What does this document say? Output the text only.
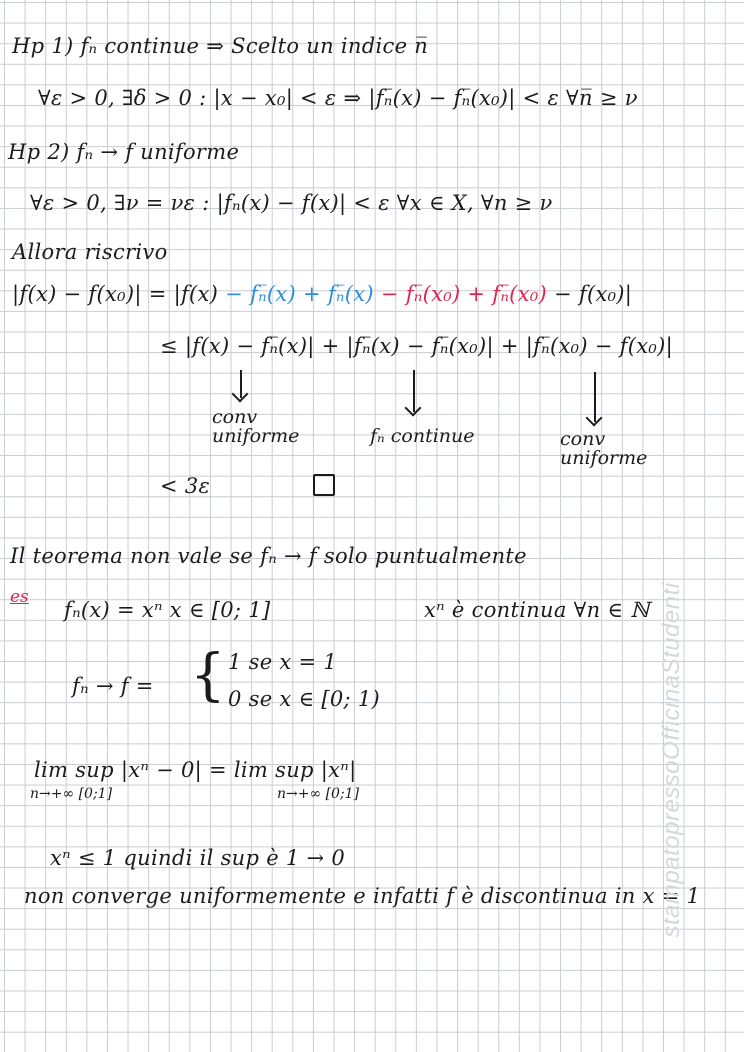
Hp 1) fₙ continue ⇒ Scelto un indice n̅
∀ε > 0, ∃δ > 0 : |x − x₀| < ε ⇒ |fₙ̅(x) − fₙ̅(x₀)| < ε ∀n̅ ≥ ν
Hp 2) fₙ → f uniforme
∀ε > 0, ∃ν = νε : |fₙ(x) − f(x)| < ε ∀x ∈ X, ∀n ≥ ν
Allora riscrivo
|f(x) − f(x₀)| = |f(x) − fₙ̅(x) + fₙ̅(x) − fₙ̅(x₀) + fₙ̅(x₀) − f(x₀)|
≤ |f(x) − fₙ̅(x)| + |fₙ̅(x) − fₙ̅(x₀)| + |fₙ̅(x₀) − f(x₀)|
conv
uniforme	fₙ continue	conv
uniforme
< 3ε
Il teorema non vale se fₙ → f solo puntualmente
es
fₙ(x) = xⁿ x ∈ [0; 1]	xⁿ è continua ∀n ∈ ℕ
fₙ → f = { 1 se x = 1
0 se x ∈ [0; 1)
lim sup |xⁿ − 0| = lim sup |xⁿ|
n→+∞ [0;1]	n→+∞ [0;1]
xⁿ ≤ 1 quindi il sup è 1 → 0
non converge uniformemente e infatti f è discontinua in x = 1
stampatopressoOfficinaStudenti
